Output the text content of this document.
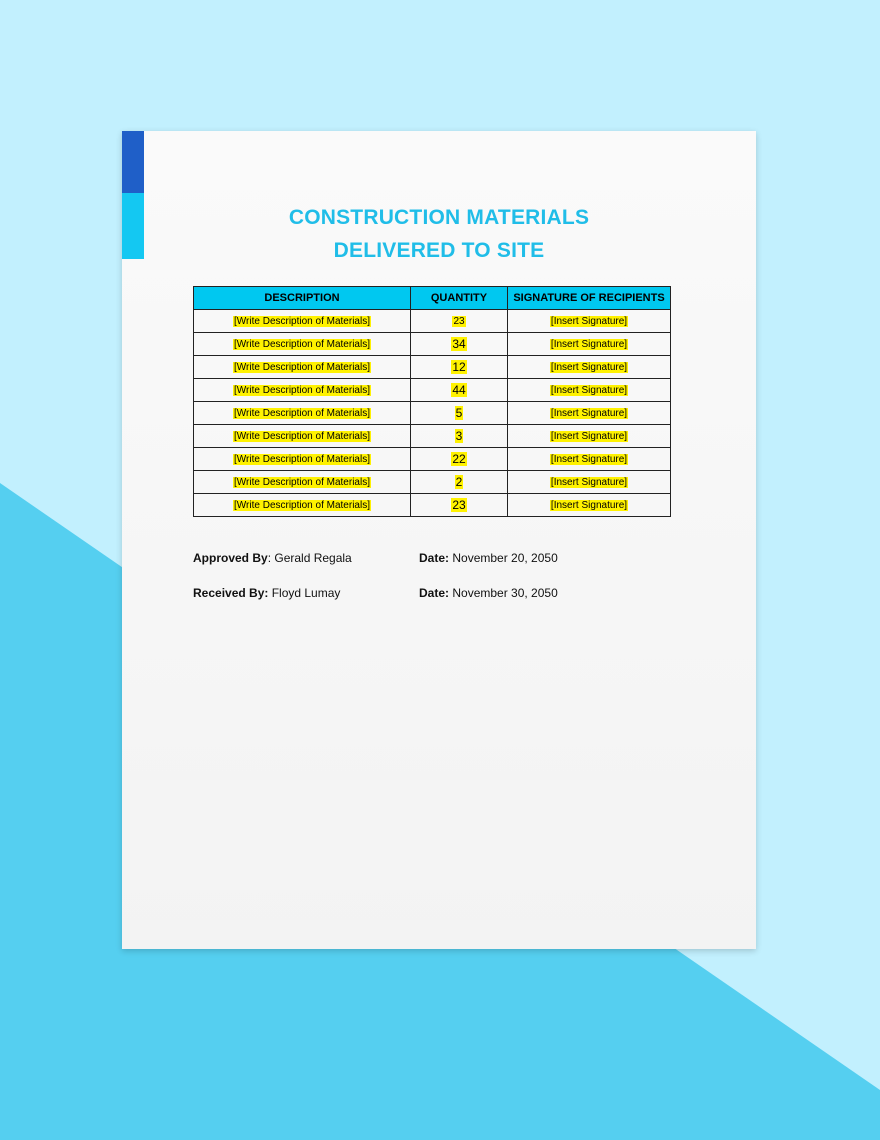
CONSTRUCTION MATERIALS
DELIVERED TO SITE
DESCRIPTION	QUANTITY	SIGNATURE OF RECIPIENTS
[Write Description of Materials]	23	[Insert Signature]
[Write Description of Materials]	34	[Insert Signature]
[Write Description of Materials]	12	[Insert Signature]
[Write Description of Materials]	44	[Insert Signature]
[Write Description of Materials]	5	[Insert Signature]
[Write Description of Materials]	3	[Insert Signature]
[Write Description of Materials]	22	[Insert Signature]
[Write Description of Materials]	2	[Insert Signature]
[Write Description of Materials]	23	[Insert Signature]
Approved By: Gerald Regala	Date: November 20, 2050
Received By: Floyd Lumay	Date: November 30, 2050
